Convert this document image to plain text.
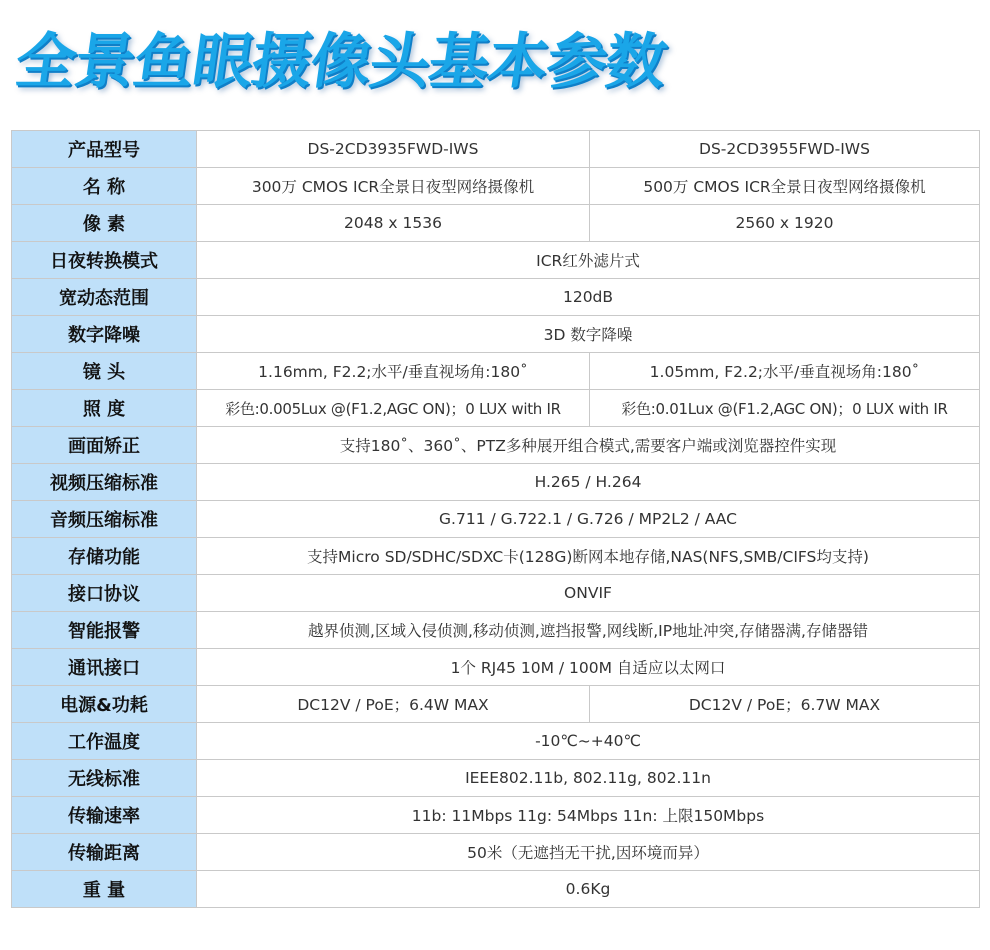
全景鱼眼摄像头基本参数
产品型号	DS-2CD3935FWD-IWS	DS-2CD3955FWD-IWS
名 称	300万 CMOS ICR全景日夜型网络摄像机	500万 CMOS ICR全景日夜型网络摄像机
像 素	2048 x 1536	2560 x 1920
日夜转换模式	ICR红外滤片式	
宽动态范围	120dB	
数字降噪	3D 数字降噪	
镜 头	1.16mm, F2.2;水平/垂直视场角:180˚	1.05mm, F2.2;水平/垂直视场角:180˚
照 度	彩色:0.005Lux @(F1.2,AGC ON)；0 LUX with IR	彩色:0.01Lux @(F1.2,AGC ON)；0 LUX with IR
画面矫正	支持180˚、360˚、PTZ多种展开组合模式,需要客户端或浏览器控件实现	
视频压缩标准	H.265 / H.264	
音频压缩标准	G.711 / G.722.1 / G.726 / MP2L2 / AAC	
存储功能	支持Micro SD/SDHC/SDXC卡(128G)断网本地存储,NAS(NFS,SMB/CIFS均支持)	
接口协议	ONVIF	
智能报警	越界侦测,区域入侵侦测,移动侦测,遮挡报警,网线断,IP地址冲突,存储器满,存储器错	
通讯接口	1个 RJ45 10M / 100M 自适应以太网口	
电源&功耗	DC12V / PoE；6.4W MAX	DC12V / PoE；6.7W MAX
工作温度	-10℃~+40℃	
无线标准	IEEE802.11b, 802.11g, 802.11n	
传输速率	11b: 11Mbps 11g: 54Mbps 11n: 上限150Mbps	
传输距离	50米（无遮挡无干扰,因环境而异）	
重 量	0.6Kg	
